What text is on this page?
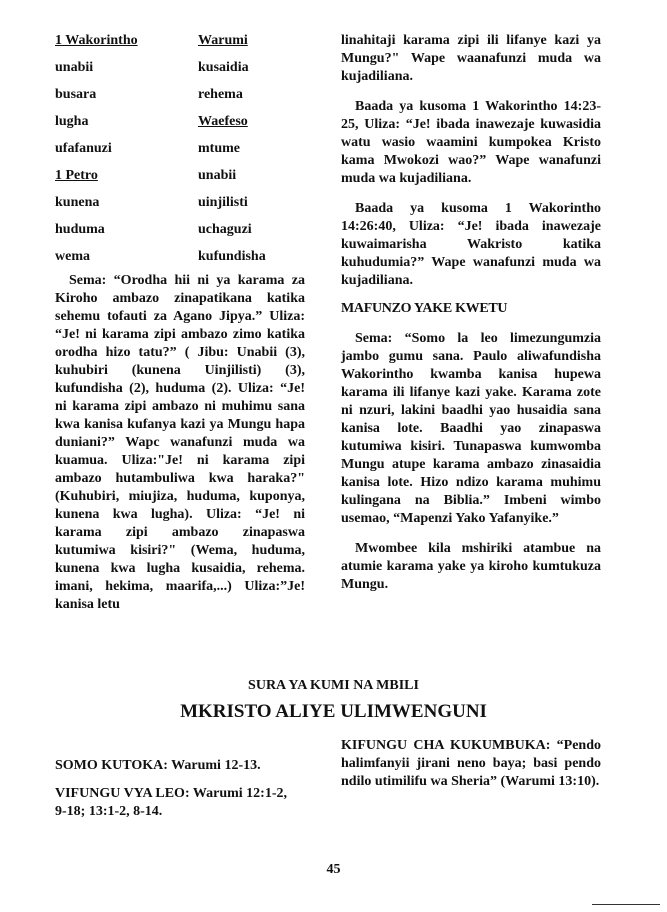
1 Wakorintho	Warumi
unabii	kusaidia
busara	rehema
lugha	Waefeso
ufafanuzi	mtume
1 Petro	unabii
kunena	uinjilisti
huduma	uchaguzi
wema	kufundisha

Sema: “Orodha hii ni ya karama za Kiroho ambazo zinapatikana katika sehemu tofauti za Agano Jipya.” Uliza: “Je! ni karama zipi ambazo zimo katika orodha hizo tatu?” ( Jibu: Unabii (3), kuhubiri (kunena Uinjilisti) (3), kufundisha (2), huduma (2). Uliza: “Je! ni karama zipi ambazo ni muhimu sana kwa kanisa kufanya kazi ya Mungu hapa duniani?” Wapc wanafunzi muda wa kuamua. Uliza:"Je! ni karama zipi ambazo hutambuliwa kwa haraka?" (Kuhubiri, miujiza, huduma, kuponya, kunena kwa lugha). Uliza: “Je! ni karama zipi ambazo zinapaswa kutumiwa kisiri?" (Wema, huduma, kunena kwa lugha kusaidia, rehema. imani, hekima, maarifa,...) Uliza:”Je! kanisa letu

linahitaji karama zipi ili lifanye kazi ya Mungu?" Wape waanafunzi muda wa kujadiliana.

Baada ya kusoma 1 Wakorintho 14:23-25, Uliza: “Je! ibada inawezaje kuwasidia watu wasio waamini kumpokea Kristo kama Mwokozi wao?” Wape wanafunzi muda wa kujadiliana.

Baada ya kusoma 1 Wakorintho 14:26:40, Uliza: “Je! ibada inawezaje kuwaimarisha Wakristo katika kuhudumia?” Wape wanafunzi muda wa kujadiliana.

MAFUNZO YAKE KWETU

Sema: “Somo la leo limezungumzia jambo gumu sana. Paulo aliwafundisha Wakorintho kwamba kanisa hupewa karama ili lifanye kazi yake. Karama zote ni nzuri, lakini baadhi yao husaidia sana kanisa lote. Baadhi yao zinapaswa kutumiwa kisiri. Tunapaswa kumwomba Mungu atupe karama ambazo zinasaidia kanisa lote. Hizo ndizo karama muhimu kulingana na Biblia.” Imbeni wimbo usemao, “Mapenzi Yako Yafanyike.”

Mwombee kila mshiriki atambue na atumie karama yake ya kiroho kumtukuza Mungu.

SURA YA KUMI NA MBILI
MKRISTO ALIYE ULIMWENGUNI

SOMO KUTOKA: Warumi 12-13.

VIFUNGU VYA LEO: Warumi 12:1-2, 9-18; 13:1-2, 8-14.

KIFUNGU CHA KUKUMBUKA: “Pendo halimfanyii jirani neno baya; basi pendo ndilo utimilifu wa Sheria” (Warumi 13:10).

45
